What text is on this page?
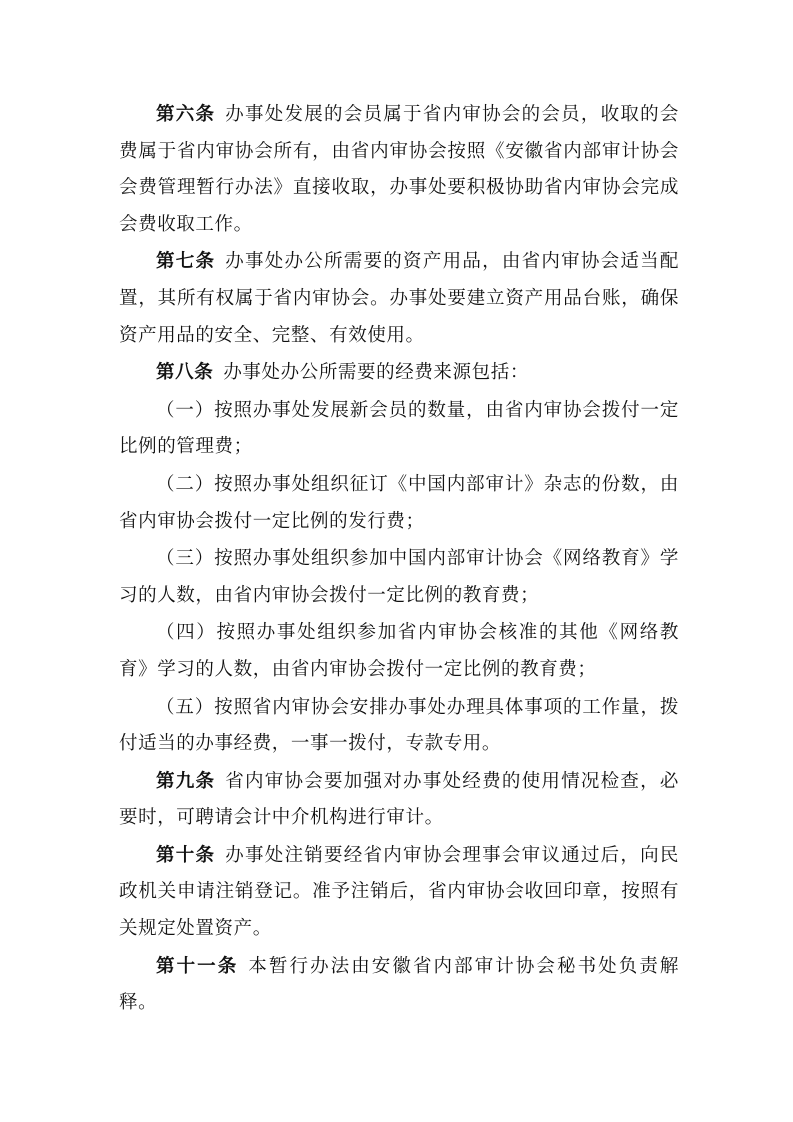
第六条 办事处发展的会员属于省内审协会的会员，收取的会费属于省内审协会所有，由省内审协会按照《安徽省内部审计协会会费管理暂行办法》直接收取，办事处要积极协助省内审协会完成会费收取工作。

第七条 办事处办公所需要的资产用品，由省内审协会适当配置，其所有权属于省内审协会。办事处要建立资产用品台账，确保资产用品的安全、完整、有效使用。

第八条 办事处办公所需要的经费来源包括：

（一）按照办事处发展新会员的数量，由省内审协会拨付一定比例的管理费；

（二）按照办事处组织征订《中国内部审计》杂志的份数，由省内审协会拨付一定比例的发行费；

（三）按照办事处组织参加中国内部审计协会《网络教育》学习的人数，由省内审协会拨付一定比例的教育费；

（四）按照办事处组织参加省内审协会核准的其他《网络教育》学习的人数，由省内审协会拨付一定比例的教育费；

（五）按照省内审协会安排办事处办理具体事项的工作量，拨付适当的办事经费，一事一拨付，专款专用。

第九条 省内审协会要加强对办事处经费的使用情况检查，必要时，可聘请会计中介机构进行审计。

第十条 办事处注销要经省内审协会理事会审议通过后，向民政机关申请注销登记。准予注销后，省内审协会收回印章，按照有关规定处置资产。

第十一条 本暂行办法由安徽省内部审计协会秘书处负责解释。
